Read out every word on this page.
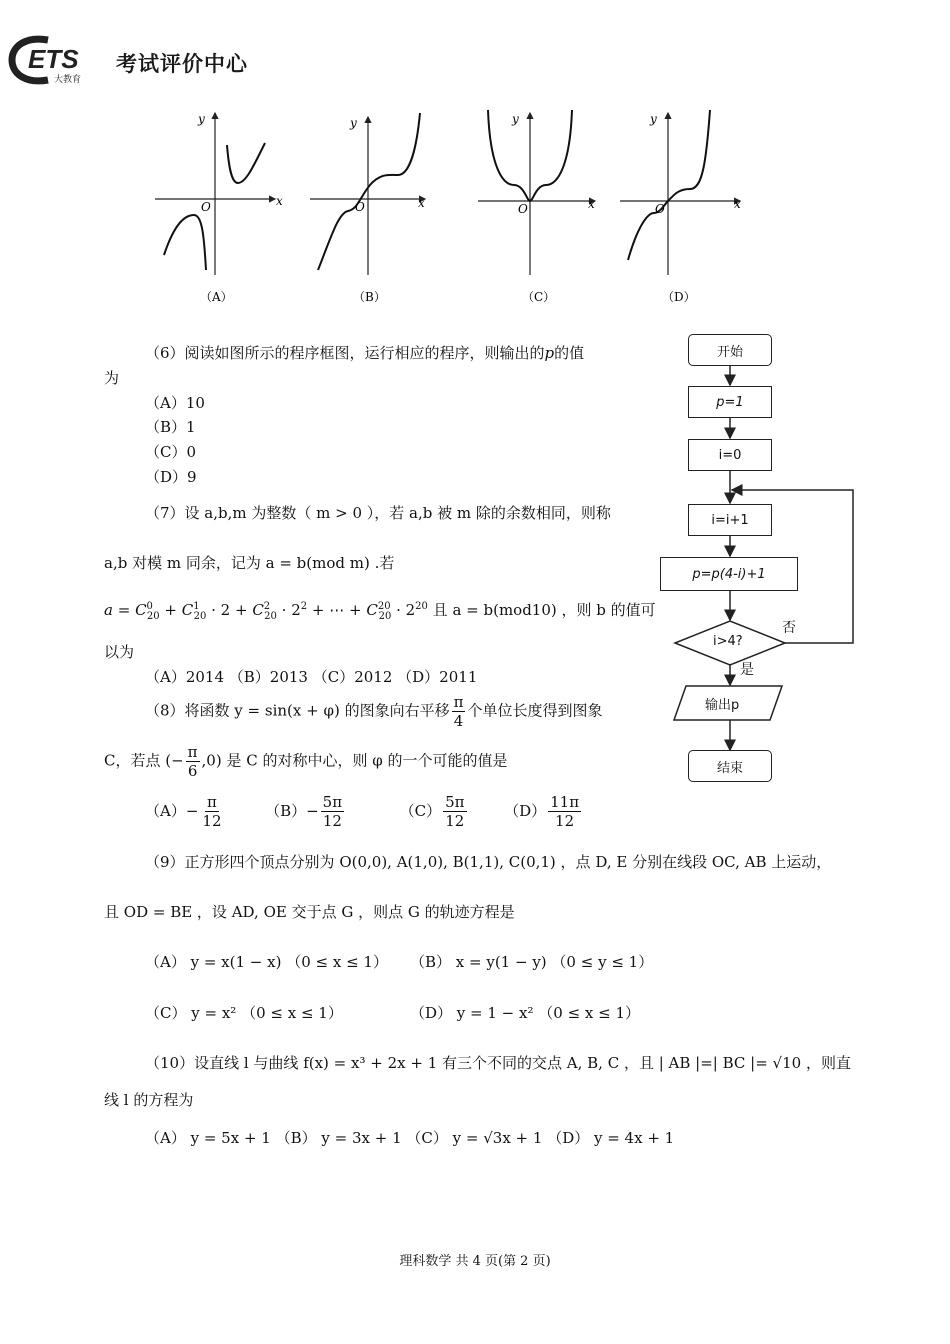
ETS
大教育
考试评价中心
y
x
O
（A）
y
x
O
（B）
y
x
O
（C）
y
x
O
（D）
（6）阅读如图所示的程序框图，运行相应的程序，则输出的p的值
为
（A）10
（B）1
（C）0
（D）9
（7）设 a,b,m 为整数（ m > 0 ），若 a,b 被 m 除的余数相同，则称
a,b 对模 m 同余，记为 a = b(mod m) .若
$a = C^0_{20} + C^1_{20} \cdot 2 + C^2_{20} \cdot 2^2$ + ⋯ + $C^{20}_{20} \cdot 2^{20}$ 且 a = b(mod10) ，则 b 的值可
以为
（A）2014 （B）2013 （C）2012 （D）2011
（8）将函数 y = sin(x + φ) 的图象向右平移 $\frac{\pi}{4}$ 个单位长度得到图象
C，若点 (− $\frac{\pi}{6} ,0$) 是 C 的对称中心，则 φ 的一个可能的值是
$(A)- \frac{\pi}{12}$	$(B)- \frac{5\pi}{12}$	$(C) \frac{5\pi}{12}$	$(D) \frac{11\pi}{12}$
（9）正方形四个顶点分别为 O(0,0), A(1,0), B(1,1), C(0,1) ，点 D, E 分别在线段 OC, AB 上运动，
且 OD = BE ，设 AD, OE 交于点 G ，则点 G 的轨迹方程是
（A） y = x(1 − x) （0 ≤ x ≤ 1） （B） x = y(1 − y) （0 ≤ y ≤ 1）
（C） y = x² （0 ≤ x ≤ 1）	（D） y = 1 − x² （0 ≤ x ≤ 1）
（10）设直线 l 与曲线 f(x) = x³ + 2x + 1 有三个不同的交点 A, B, C ，且 | AB |=| BC |= √10 ，则直
线 l 的方程为
（A） y = 5x + 1 （B） y = 3x + 1 （C） y = √3x + 1 （D） y = 4x + 1
开始
p=1
i=0
i=i+1
p=p(4-i)+1
i>4?
否
是
输出p
结束
理科数学 共 4 页(第 2 页)
